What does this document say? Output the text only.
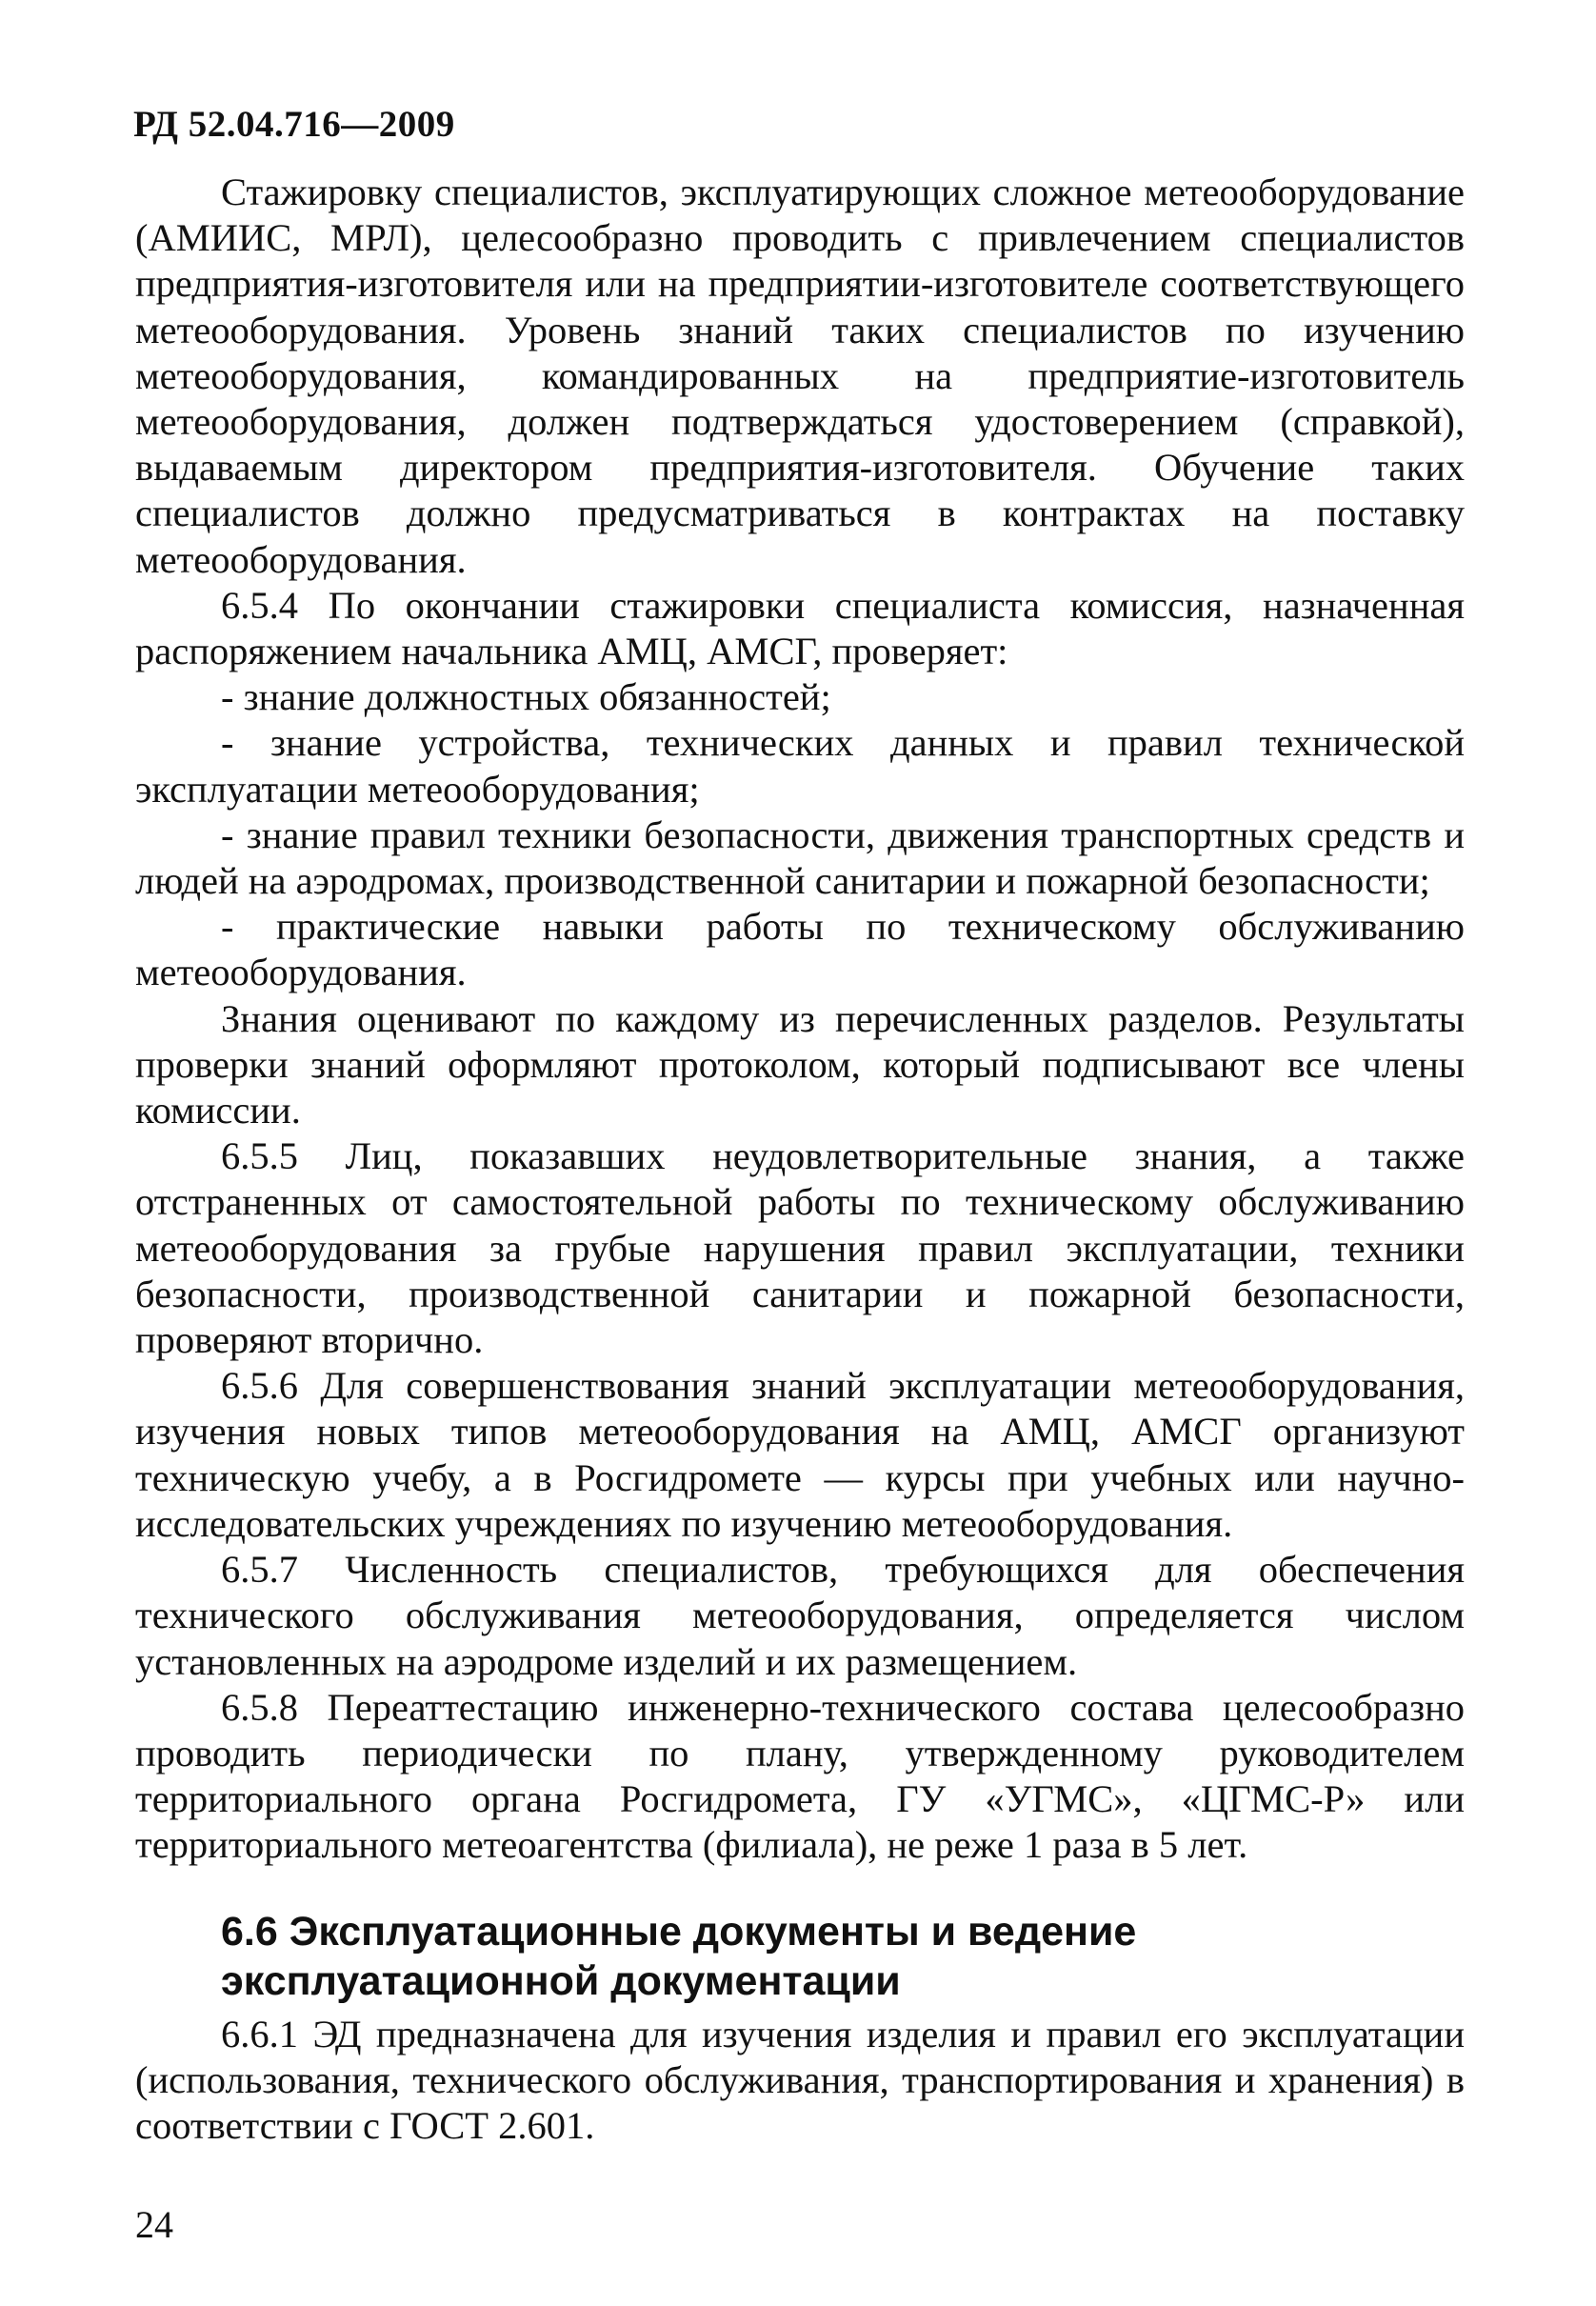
РД 52.04.716—2009

Стажировку специалистов, эксплуатирующих сложное метеооборудование (АМИИС, МРЛ), целесообразно проводить с привлечением специалистов предприятия-изготовителя или на предприятии-изготовителе соответствующего метеооборудования. Уровень знаний таких специалистов по изучению метеооборудования, командированных на предприятие-изготовитель метеооборудования, должен подтверждаться удостоверением (справкой), выдаваемым директором предприятия-изготовителя. Обучение таких специалистов должно предусматриваться в контрактах на поставку метеооборудования.

6.5.4 По окончании стажировки специалиста комиссия, назначенная распоряжением начальника АМЦ, АМСГ, проверяет:

- знание должностных обязанностей;

- знание устройства, технических данных и правил технической эксплуатации метеооборудования;

- знание правил техники безопасности, движения транспортных средств и людей на аэродромах, производственной санитарии и пожарной безопасности;

- практические навыки работы по техническому обслуживанию метеооборудования.

Знания оценивают по каждому из перечисленных разделов. Результаты проверки знаний оформляют протоколом, который подписывают все члены комиссии.

6.5.5 Лиц, показавших неудовлетворительные знания, а также отстраненных от самостоятельной работы по техническому обслуживанию метеооборудования за грубые нарушения правил эксплуатации, техники безопасности, производственной санитарии и пожарной безопасности, проверяют вторично.

6.5.6 Для совершенствования знаний эксплуатации метеооборудования, изучения новых типов метеооборудования на АМЦ, АМСГ организуют техническую учебу, а в Росгидромете — курсы при учебных или научно-исследовательских учреждениях по изучению метеооборудования.

6.5.7 Численность специалистов, требующихся для обеспечения технического обслуживания метеооборудования, определяется числом установленных на аэродроме изделий и их размещением.

6.5.8 Переаттестацию инженерно-технического состава целесообразно проводить периодически по плану, утвержденному руководителем территориального органа Росгидромета, ГУ «УГМС», «ЦГМС-Р» или территориального метеоагентства (филиала), не реже 1 раза в 5 лет.

6.6 Эксплуатационные документы и ведение
эксплуатационной документации

6.6.1 ЭД предназначена для изучения изделия и правил его эксплуатации (использования, технического обслуживания, транспортирования и хранения) в соответствии с ГОСТ 2.601.

24
